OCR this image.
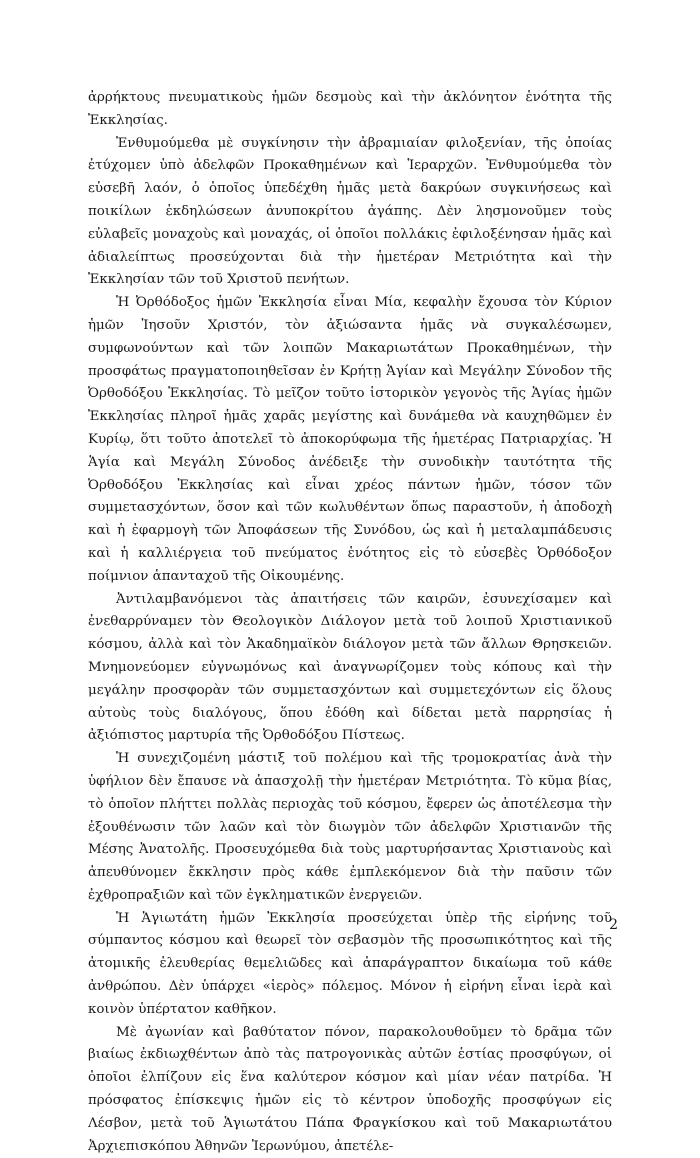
ἀρρήκτους πνευματικοὺς ἡμῶν δεσμοὺς καὶ τὴν ἀκλόνητον ἑνότητα τῆς Ἐκκλησίας.

Ἐνθυμούμεθα μὲ συγκίνησιν τὴν ἀβραμιαίαν φιλοξενίαν, τῆς ὁποίας ἐτύχομεν ὑπὸ ἀδελφῶν Προκαθημένων καὶ Ἱεραρχῶν. Ἐνθυμούμεθα τὸν εὐσεβῆ λαόν, ὁ ὁποῖος ὑπεδέχθη ἡμᾶς μετὰ δακρύων συγκινήσεως καὶ ποικίλων ἐκδηλώσεων ἀνυποκρίτου ἀγάπης. Δὲν λησμονοῦμεν τοὺς εὐλαβεῖς μοναχοὺς καὶ μοναχάς, οἱ ὁποῖοι πολλάκις ἐφιλοξένησαν ἡμᾶς καὶ ἀδιαλείπτως προσεύχονται διὰ τὴν ἡμετέραν Μετριότητα καὶ τὴν Ἐκκλησίαν τῶν τοῦ Χριστοῦ πενήτων.

Ἡ Ὀρθόδοξος ἡμῶν Ἐκκλησία εἶναι Μία, κεφαλὴν ἔχουσα τὸν Κύριον ἡμῶν Ἰησοῦν Χριστόν, τὸν ἀξιώσαντα ἡμᾶς νὰ συγκαλέσωμεν, συμφωνούντων καὶ τῶν λοιπῶν Μακαριωτάτων Προκαθημένων, τὴν προσφάτως πραγματοποιηθεῖσαν ἐν Κρήτῃ Ἁγίαν καὶ Μεγάλην Σύνοδον τῆς Ὀρθοδόξου Ἐκκλησίας. Τὸ μεῖζον τοῦτο ἱστορικὸν γεγονὸς τῆς Ἁγίας ἡμῶν Ἐκκλησίας πληροῖ ἡμᾶς χαρᾶς μεγίστης καὶ δυνάμεθα νὰ καυχηθῶμεν ἐν Κυρίῳ, ὅτι τοῦτο ἀποτελεῖ τὸ ἀποκορύφωμα τῆς ἡμετέρας Πατριαρχίας. Ἡ Ἁγία καὶ Μεγάλη Σύνοδος ἀνέδειξε τὴν συνοδικὴν ταυτότητα τῆς Ὀρθοδόξου Ἐκκλησίας καὶ εἶναι χρέος πάντων ἡμῶν, τόσον τῶν συμμετασχόντων, ὅσον καὶ τῶν κωλυθέντων ὅπως παραστοῦν, ἡ ἀποδοχὴ καὶ ἡ ἐφαρμογὴ τῶν Ἀποφάσεων τῆς Συνόδου, ὡς καὶ ἡ μεταλαμπάδευσις καὶ ἡ καλλιέργεια τοῦ πνεύματος ἑνότητος εἰς τὸ εὐσεβὲς Ὀρθόδοξον ποίμνιον ἁπανταχοῦ τῆς Οἰκουμένης.

Ἀντιλαμβανόμενοι τὰς ἀπαιτήσεις τῶν καιρῶν, ἐσυνεχίσαμεν καὶ ἐνεθαρρύναμεν τὸν Θεολογικὸν Διάλογον μετὰ τοῦ λοιποῦ Χριστιανικοῦ κόσμου, ἀλλὰ καὶ τὸν Ἀκαδημαϊκὸν διάλογον μετὰ τῶν ἄλλων Θρησκειῶν. Μνημονεύομεν εὐγνωμόνως καὶ ἀναγνωρίζομεν τοὺς κόπους καὶ τὴν μεγάλην προσφορὰν τῶν συμμετασχόντων καὶ συμμετεχόντων εἰς ὅλους αὐτοὺς τοὺς διαλόγους, ὅπου ἐδόθη καὶ δίδεται μετὰ παρρησίας ἡ ἀξιόπιστος μαρτυρία τῆς Ὀρθοδόξου Πίστεως.

Ἡ συνεχιζομένη μάστιξ τοῦ πολέμου καὶ τῆς τρομοκρατίας ἀνὰ τὴν ὑφήλιον δὲν ἔπαυσε νὰ ἀπασχολῇ τὴν ἡμετέραν Μετριότητα. Τὸ κῦμα βίας, τὸ ὁποῖον πλήττει πολλὰς περιοχὰς τοῦ κόσμου, ἔφερεν ὡς ἀποτέλεσμα τὴν ἐξουθένωσιν τῶν λαῶν καὶ τὸν διωγμὸν τῶν ἀδελφῶν Χριστιανῶν τῆς Μέσης Ἀνατολῆς. Προσευχόμεθα διὰ τοὺς μαρτυρήσαντας Χριστιανοὺς καὶ ἀπευθύνομεν ἔκκλησιν πρὸς κάθε ἐμπλεκόμενον διὰ τὴν παῦσιν τῶν ἐχθροπραξιῶν καὶ τῶν ἐγκληματικῶν ἐνεργειῶν.

Ἡ Ἁγιωτάτη ἡμῶν Ἐκκλησία προσεύχεται ὑπὲρ τῆς εἰρήνης τοῦ σύμπαντος κόσμου καὶ θεωρεῖ τὸν σεβασμὸν τῆς προσωπικότητος καὶ τῆς ἀτομικῆς ἐλευθερίας θεμελιῶδες καὶ ἀπαράγραπτον δικαίωμα τοῦ κάθε ἀνθρώπου. Δὲν ὑπάρχει «ἱερὸς» πόλεμος. Μόνον ἡ εἰρήνη εἶναι ἱερὰ καὶ κοινὸν ὑπέρτατον καθῆκον.

Μὲ ἀγωνίαν καὶ βαθύτατον πόνον, παρακολουθοῦμεν τὸ δρᾶμα τῶν βιαίως ἐκδιωχθέντων ἀπὸ τὰς πατρογονικὰς αὐτῶν ἑστίας προσφύγων, οἱ ὁποῖοι ἐλπίζουν εἰς ἕνα καλύτερον κόσμον καὶ μίαν νέαν πατρίδα. Ἡ πρόσφατος ἐπίσκεψις ἡμῶν εἰς τὸ κέντρον ὑποδοχῆς προσφύγων εἰς Λέσβον, μετὰ τοῦ Ἁγιωτάτου Πάπα Φραγκίσκου καὶ τοῦ Μακαριωτάτου Ἀρχιεπισκόπου Ἀθηνῶν Ἱερωνύμου, ἀπετέλε-

2
